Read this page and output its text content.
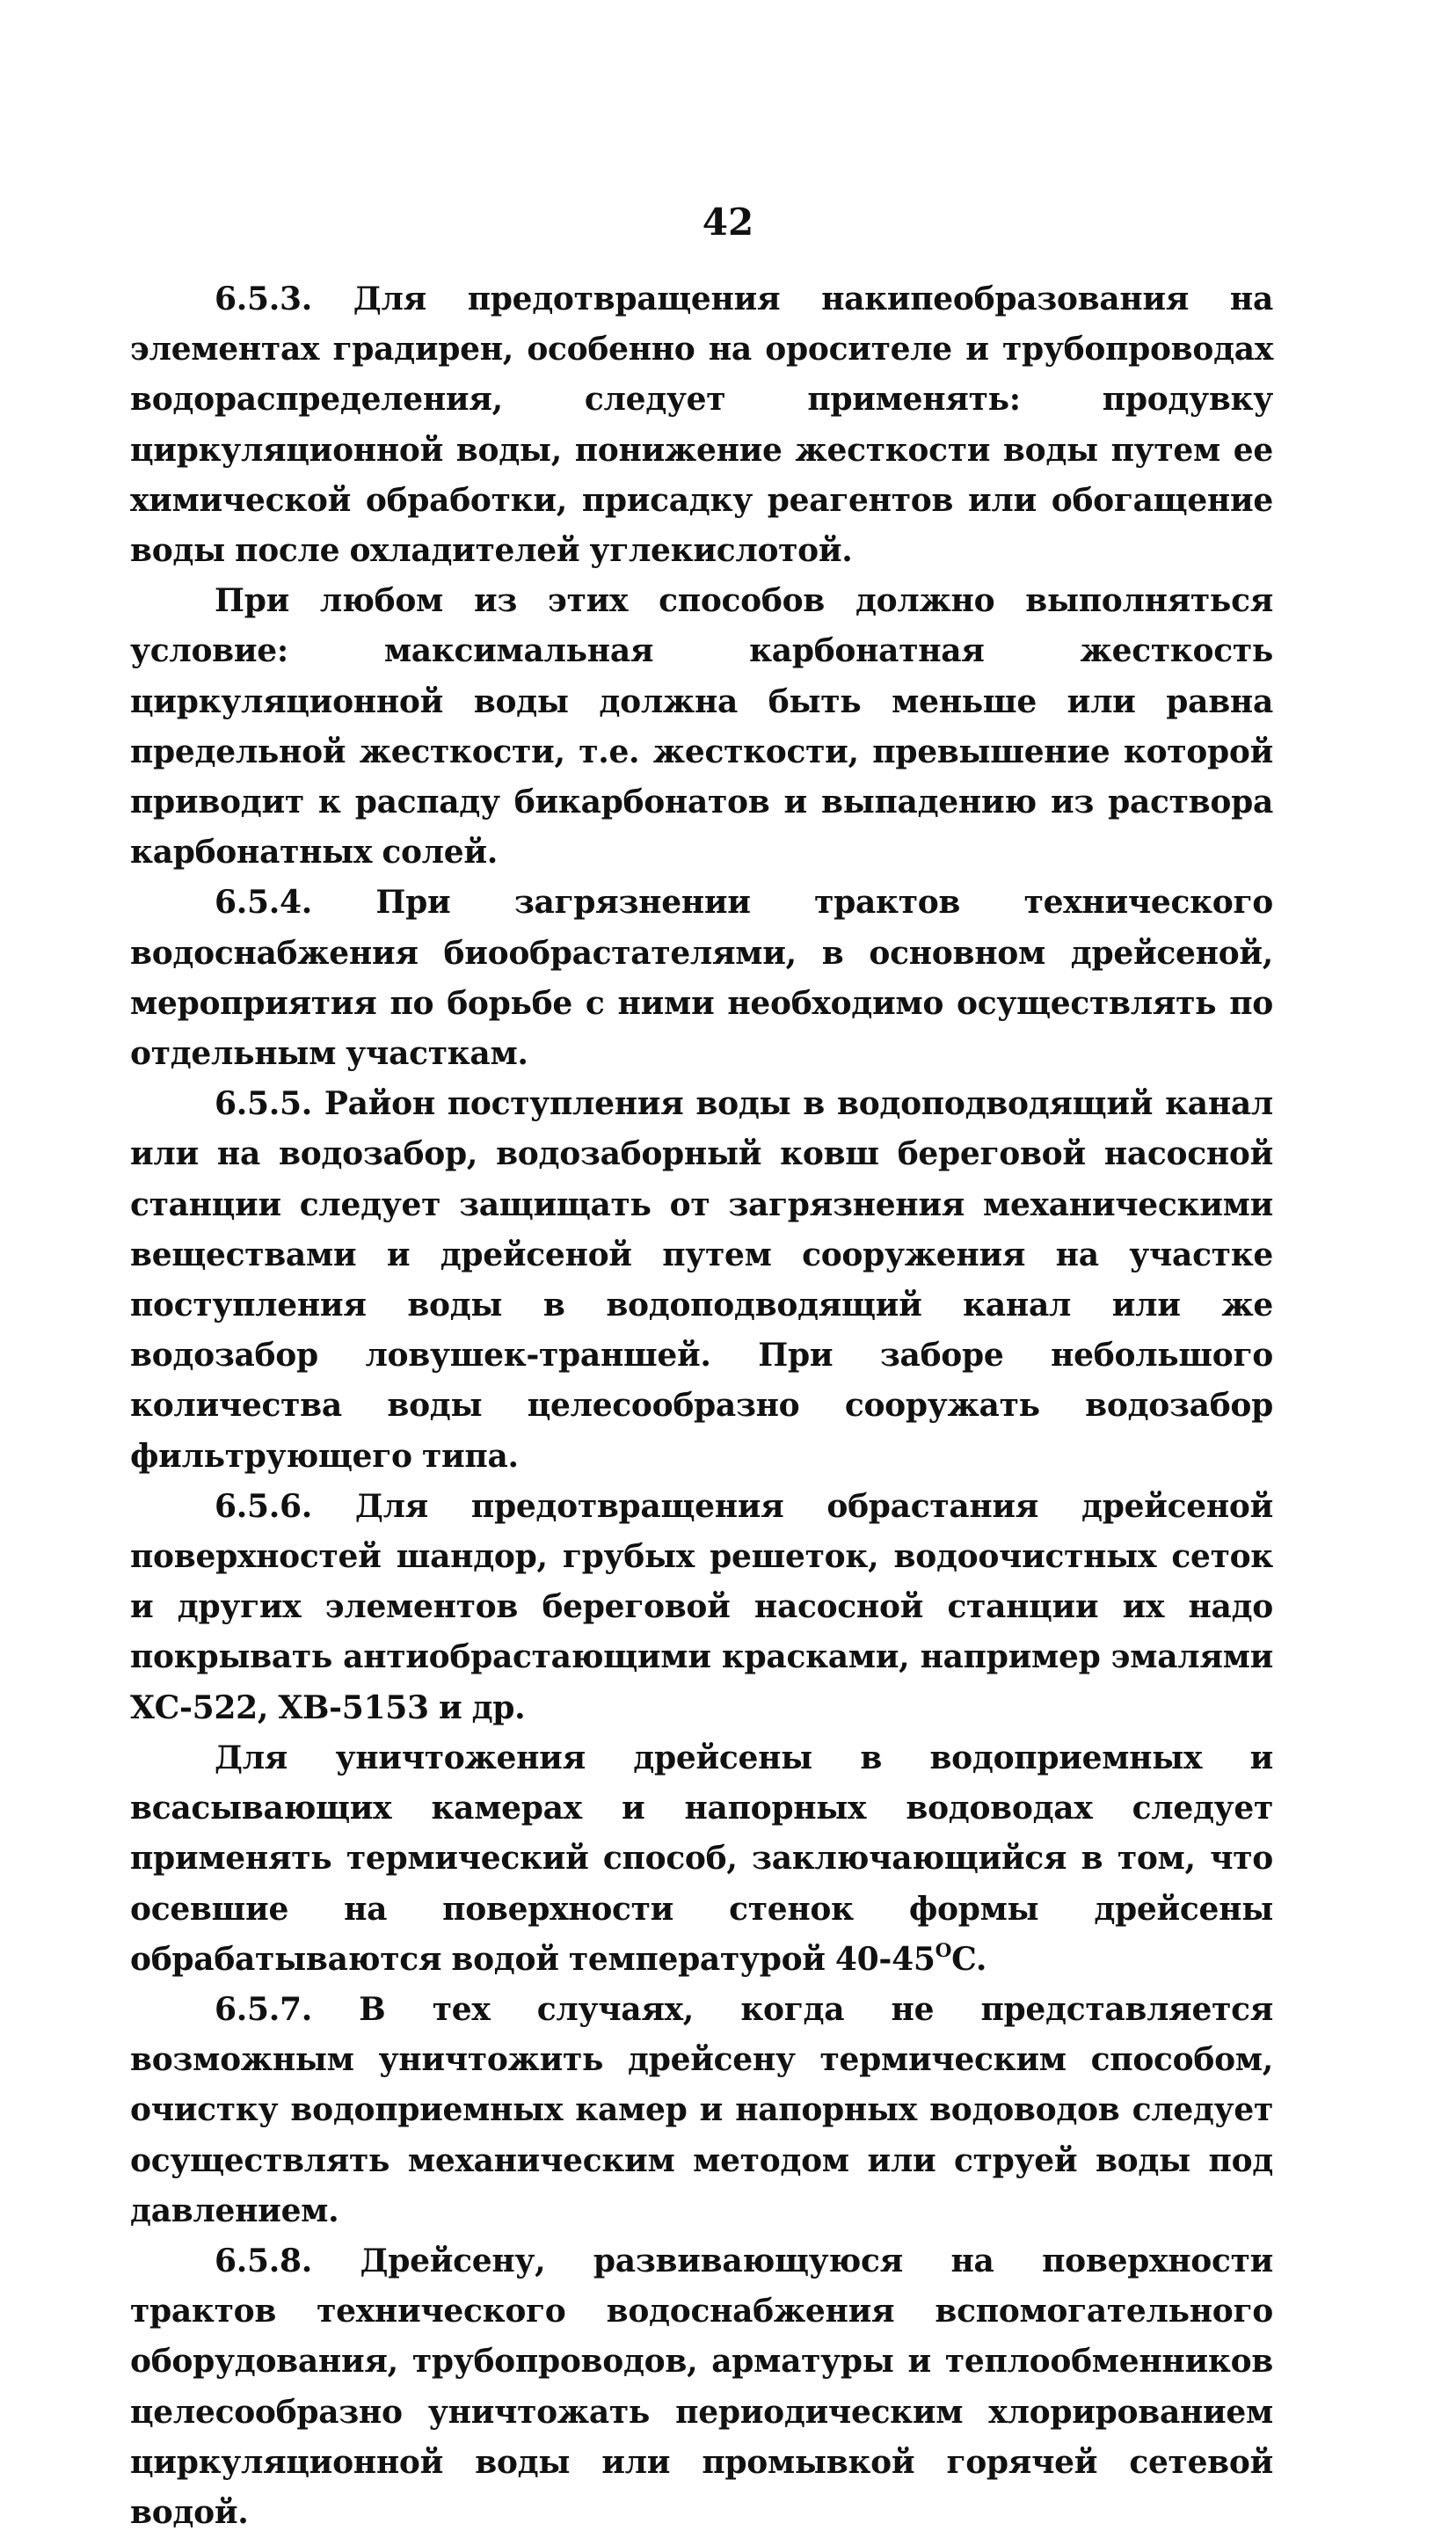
42

6.5.3. Для предотвращения накипеобразования на элементах градирен, особенно на оросителе и трубопроводах водораспределения, следует применять: продувку циркуляционной воды, понижение жесткости воды путем ее химической обработки, присадку реагентов или обогащение воды после охладителей углекислотой.

При любом из этих способов должно выполняться условие: максимальная карбонатная жесткость циркуляционной воды должна быть меньше или равна предельной жесткости, т.е. жесткости, превышение которой приводит к распаду бикарбонатов и выпадению из раствора карбонатных солей.

6.5.4. При загрязнении трактов технического водоснабжения биообрастателями, в основном дрейсеной, мероприятия по борьбе с ними необходимо осуществлять по отдельным участкам.

6.5.5. Район поступления воды в водоподводящий канал или на водозабор, водозаборный ковш береговой насосной станции следует защищать от загрязнения механическими веществами и дрейсеной путем сооружения на участке поступления воды в водоподводящий канал или же водозабор ловушек-траншей. При заборе небольшого количества воды целесообразно сооружать водозабор фильтрующего типа.

6.5.6. Для предотвращения обрастания дрейсеной поверхностей шандор, грубых решеток, водоочистных сеток и других элементов береговой насосной станции их надо покрывать антиобрастающими красками, например эмалями ХС-522, ХВ-5153 и др.

Для уничтожения дрейсены в водоприемных и всасывающих камерах и напорных водоводах следует применять термический способ, заключающийся в том, что осевшие на поверхности стенок формы дрейсены обрабатываются водой температурой $40-45^OC$.

6.5.7. В тех случаях, когда не представляется возможным уничтожить дрейсену термическим способом, очистку водоприемных камер и напорных водоводов следует осуществлять механическим методом или струей воды под давлением.

6.5.8. Дрейсену, развивающуюся на поверхности трактов технического водоснабжения вспомогательного оборудования, трубопроводов, арматуры и теплообменников целесообразно уничтожать периодическим хлорированием циркуляционной воды или промывкой горячей сетевой водой.
